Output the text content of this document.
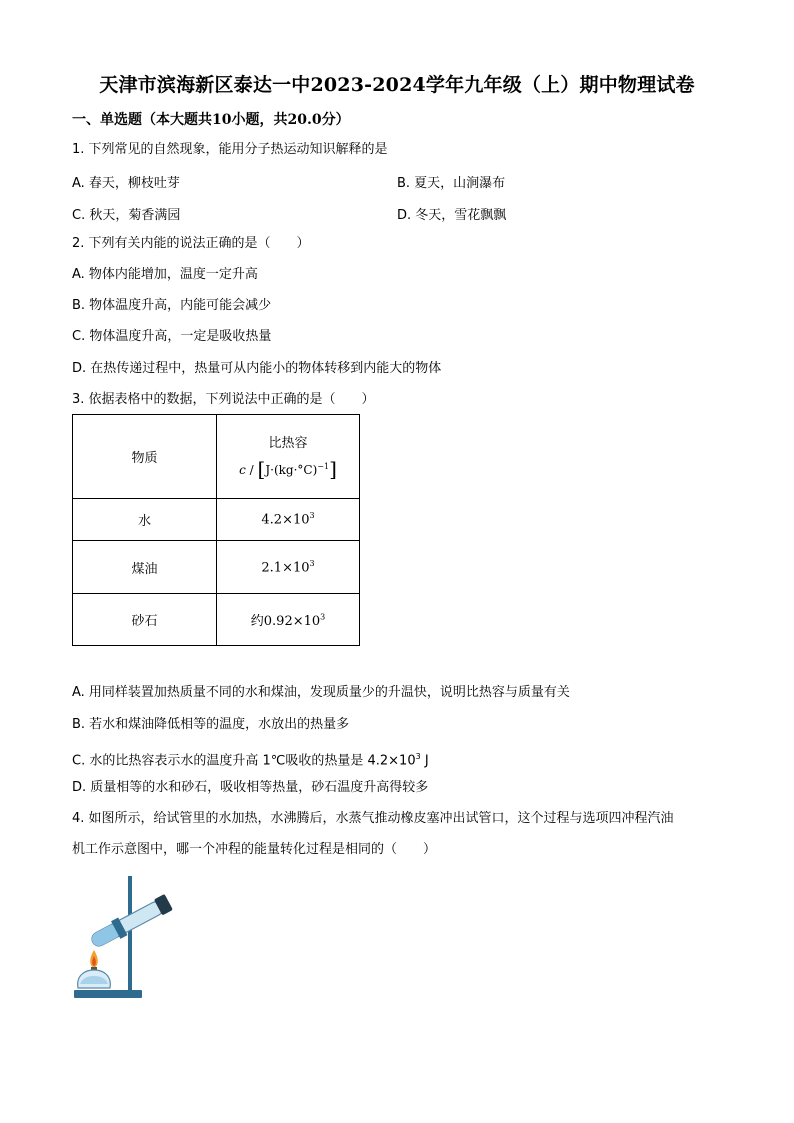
天津市滨海新区泰达一中2023-2024学年九年级（上）期中物理试卷
一、单选题（本大题共10小题，共20.0分）
1. 下列常见的自然现象，能用分子热运动知识解释的是
A. 春天，柳枝吐芽	B. 夏天，山涧瀑布
C. 秋天，菊香满园	D. 冬天，雪花飘飘
2. 下列有关内能的说法正确的是（　　）
A. 物体内能增加，温度一定升高
B. 物体温度升高，内能可能会减少
C. 物体温度升高，一定是吸收热量
D. 在热传递过程中，热量可从内能小的物体转移到内能大的物体
3. 依据表格中的数据，下列说法中正确的是（　　）
物质	比热容
$c / [J\cdot(kg\cdot^\circ C)^{-1}]$

水	$4.2\times 10^3$
煤油	$2.1\times 10^3$
砂石	约$0.92\times 10^3$
A. 用同样装置加热质量不同的水和煤油，发现质量少的升温快，说明比热容与质量有关
B. 若水和煤油降低相等的温度，水放出的热量多
C. 水的比热容表示水的温度升高 1℃吸收的热量是 $4.2\times 10^3$ J
D. 质量相等的水和砂石，吸收相等热量，砂石温度升高得较多
4. 如图所示，给试管里的水加热，水沸腾后，水蒸气推动橡皮塞冲出试管口，这个过程与选项四冲程汽油
机工作示意图中，哪一个冲程的能量转化过程是相同的（　　）
